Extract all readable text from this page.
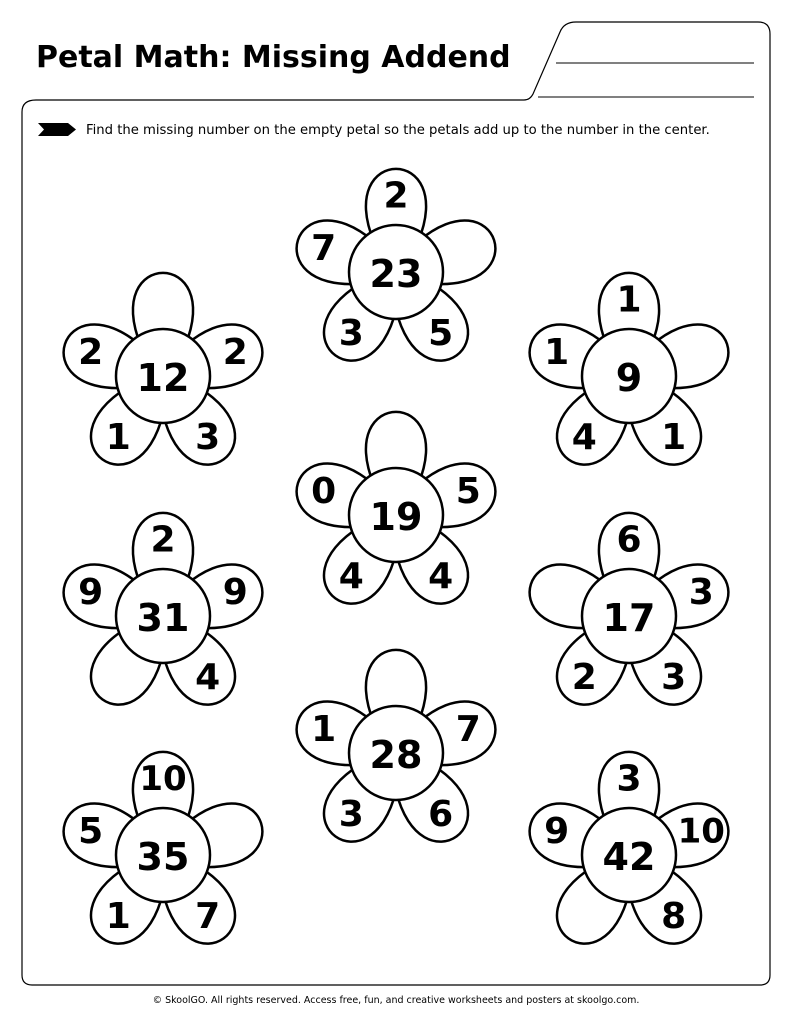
Petal Math: Missing Addend
Find the missing number on the empty petal so the petals add up to the number in the center.
2
5
3
7
23
2
3
1
2
12
1
1
4
1
9
5
4
4
0
19
2
9
4
9
31
6
3
3
2
17
7
6
3
1
28
10
7
1
5
35
3
10
8
9
42
© SkoolGO. All rights reserved. Access free, fun, and creative worksheets and posters at skoolgo.com.
